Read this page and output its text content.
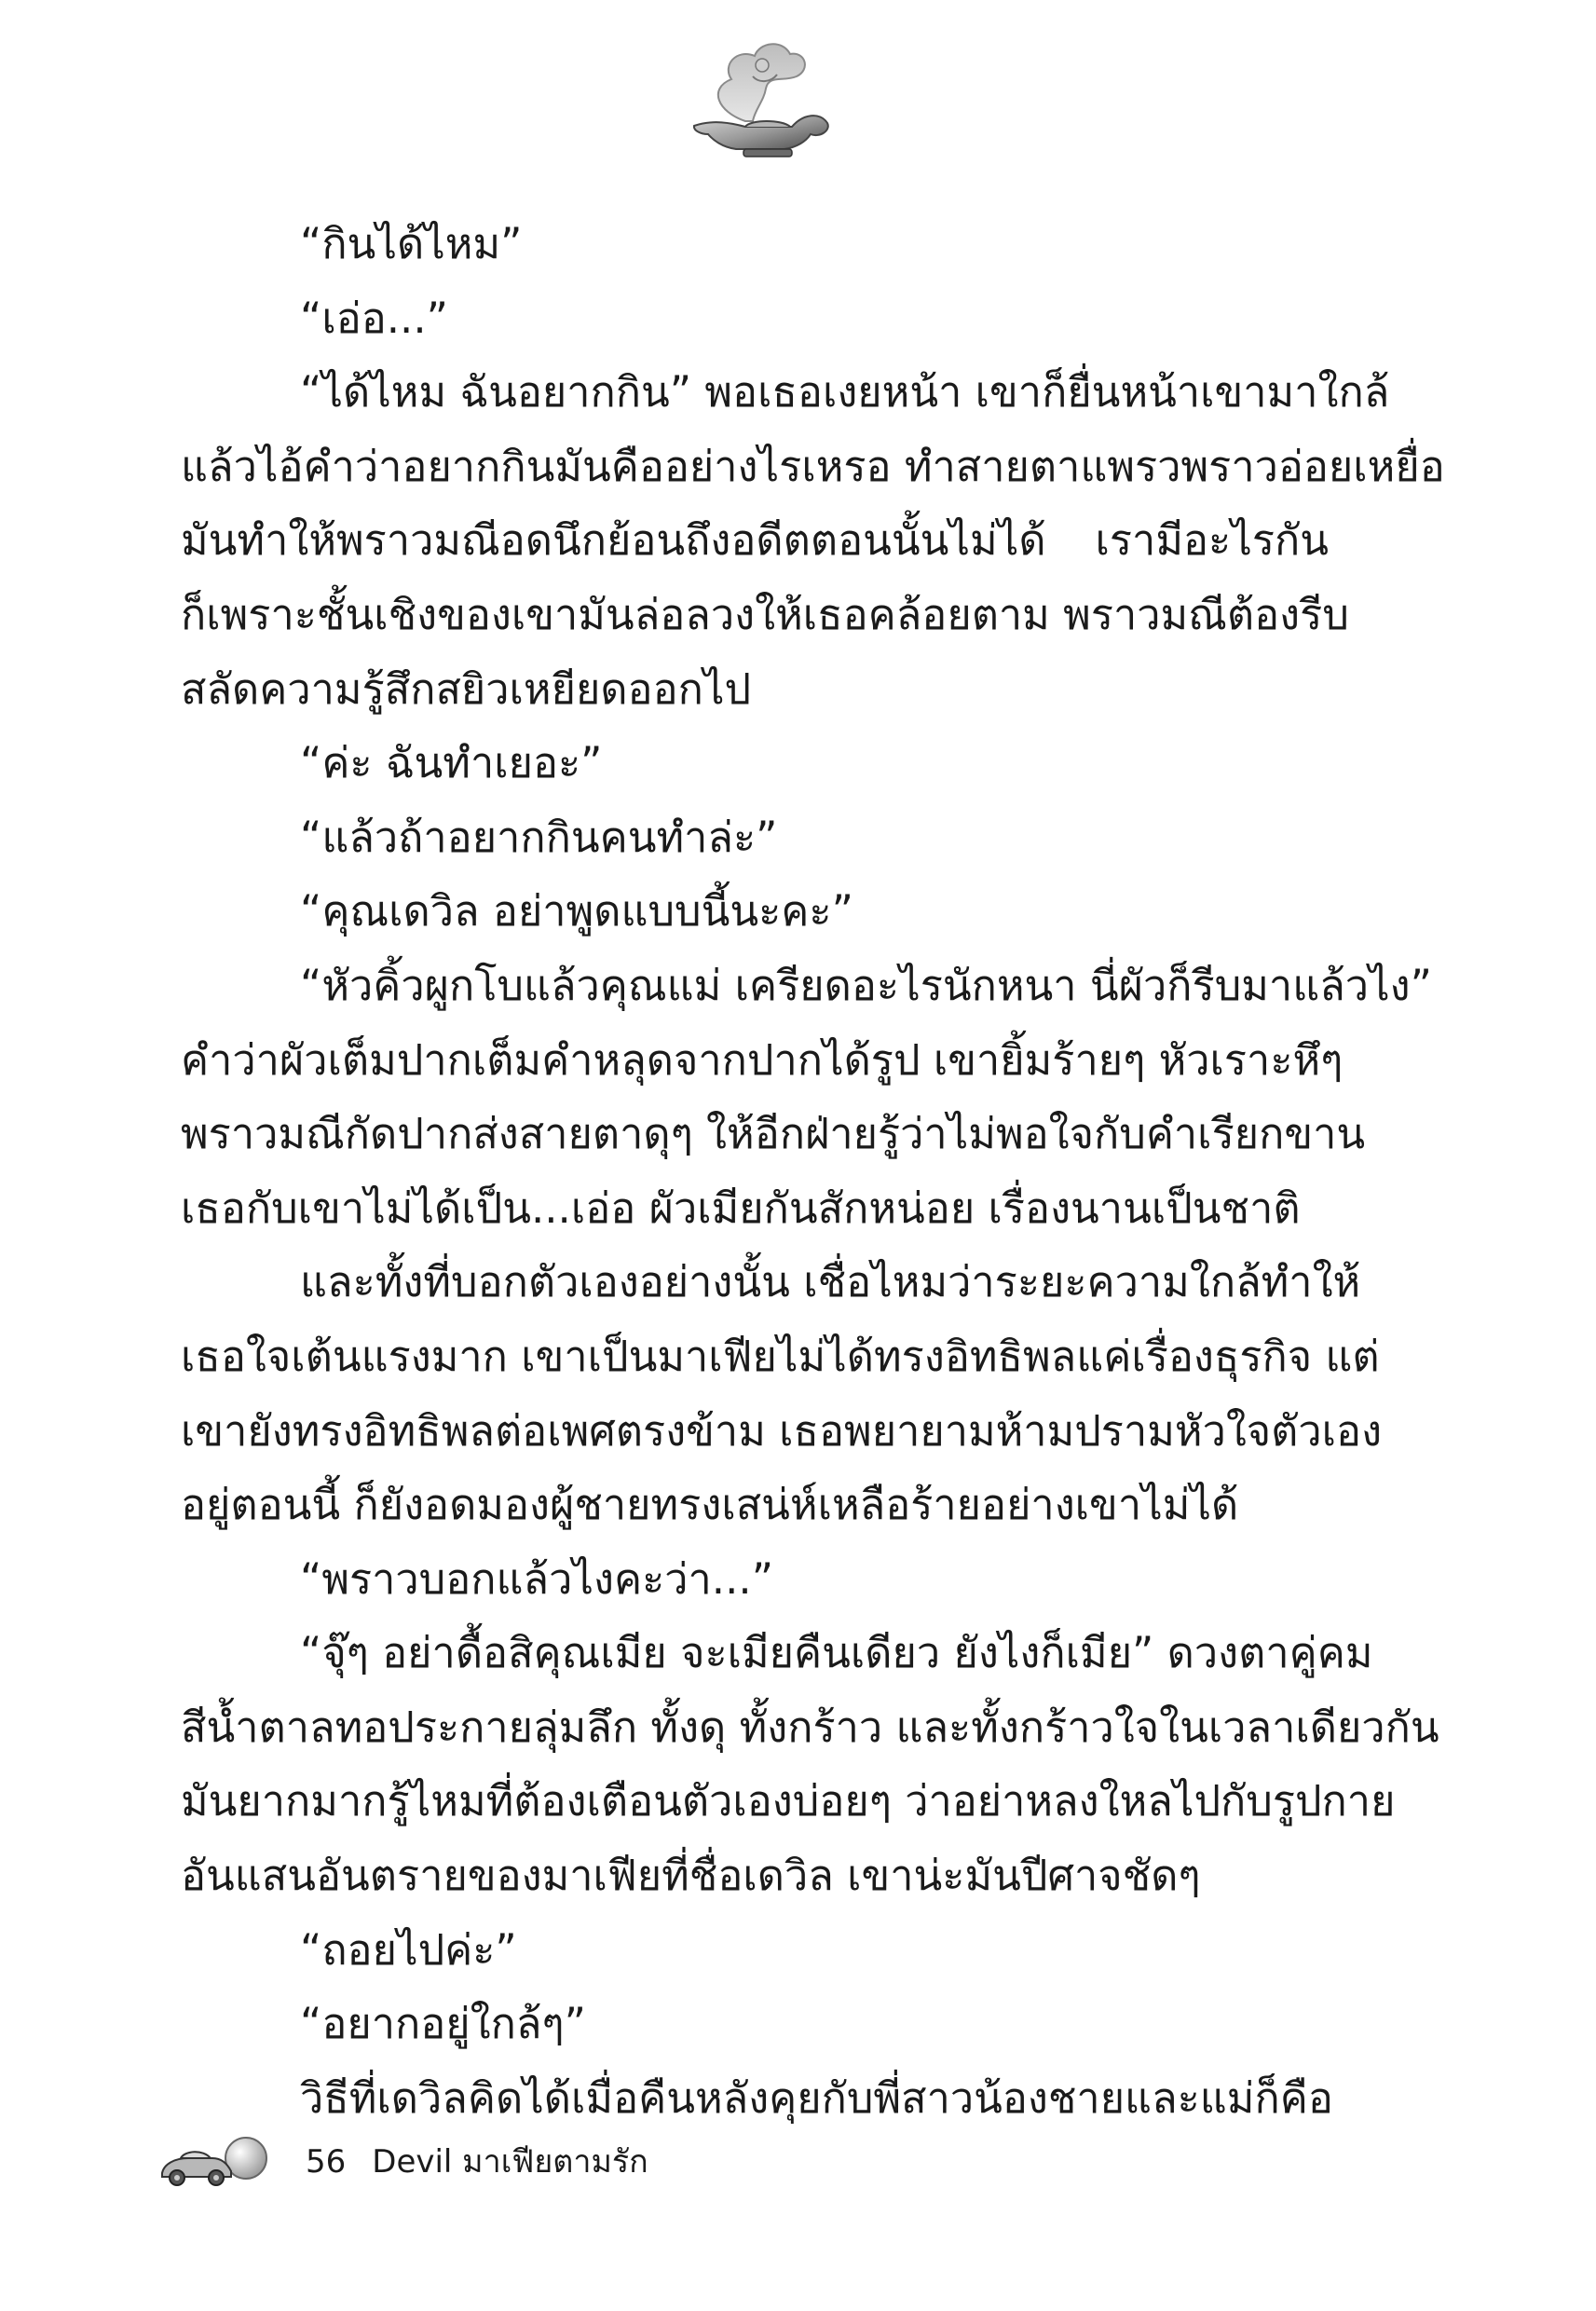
“กินได้ไหม”
“เอ่อ...”
“ได้ไหม ฉันอยากกิน” พอเธอเงยหน้า เขาก็ยื่นหน้าเขามาใกล้
แล้วไอ้คำว่าอยากกินมันคืออย่างไรเหรอ ทำสายตาแพรวพราวอ่อยเหยื่อ
มันทำให้พราวมณีอดนึกย้อนถึงอดีตตอนนั้นไม่ได้ เรามีอะไรกัน
ก็เพราะชั้นเชิงของเขามันล่อลวงให้เธอคล้อยตาม พราวมณีต้องรีบ
สลัดความรู้สึกสยิวเหยียดออกไป
“ค่ะ ฉันทำเยอะ”
“แล้วถ้าอยากกินคนทำล่ะ”
“คุณเดวิล อย่าพูดแบบนี้นะคะ”
“หัวคิ้วผูกโบแล้วคุณแม่ เครียดอะไรนักหนา นี่ผัวก็รีบมาแล้วไง”
คำว่าผัวเต็มปากเต็มคำหลุดจากปากได้รูป เขายิ้มร้ายๆ หัวเราะหึๆ
พราวมณีกัดปากส่งสายตาดุๆ ให้อีกฝ่ายรู้ว่าไม่พอใจกับคำเรียกขาน
เธอกับเขาไม่ได้เป็น...เอ่อ ผัวเมียกันสักหน่อย เรื่องนานเป็นชาติ
และทั้งที่บอกตัวเองอย่างนั้น เชื่อไหมว่าระยะความใกล้ทำให้
เธอใจเต้นแรงมาก เขาเป็นมาเฟียไม่ได้ทรงอิทธิพลแค่เรื่องธุรกิจ แต่
เขายังทรงอิทธิพลต่อเพศตรงข้าม เธอพยายามห้ามปรามหัวใจตัวเอง
อยู่ตอนนี้ ก็ยังอดมองผู้ชายทรงเสน่ห์เหลือร้ายอย่างเขาไม่ได้
“พราวบอกแล้วไงคะว่า...”
“จุ๊ๆ อย่าดื้อสิคุณเมีย จะเมียคืนเดียว ยังไงก็เมีย” ดวงตาคู่คม
สีน้ำตาลทอประกายลุ่มลึก ทั้งดุ ทั้งกร้าว และทั้งกร้าวใจในเวลาเดียวกัน
มันยากมากรู้ไหมที่ต้องเตือนตัวเองบ่อยๆ ว่าอย่าหลงใหลไปกับรูปกาย
อันแสนอันตรายของมาเฟียที่ชื่อเดวิล เขาน่ะมันปีศาจชัดๆ
“ถอยไปค่ะ”
“อยากอยู่ใกล้ๆ”
วิธีที่เดวิลคิดได้เมื่อคืนหลังคุยกับพี่สาวน้องชายและแม่ก็คือ
56 Devil มาเฟียตามรัก
